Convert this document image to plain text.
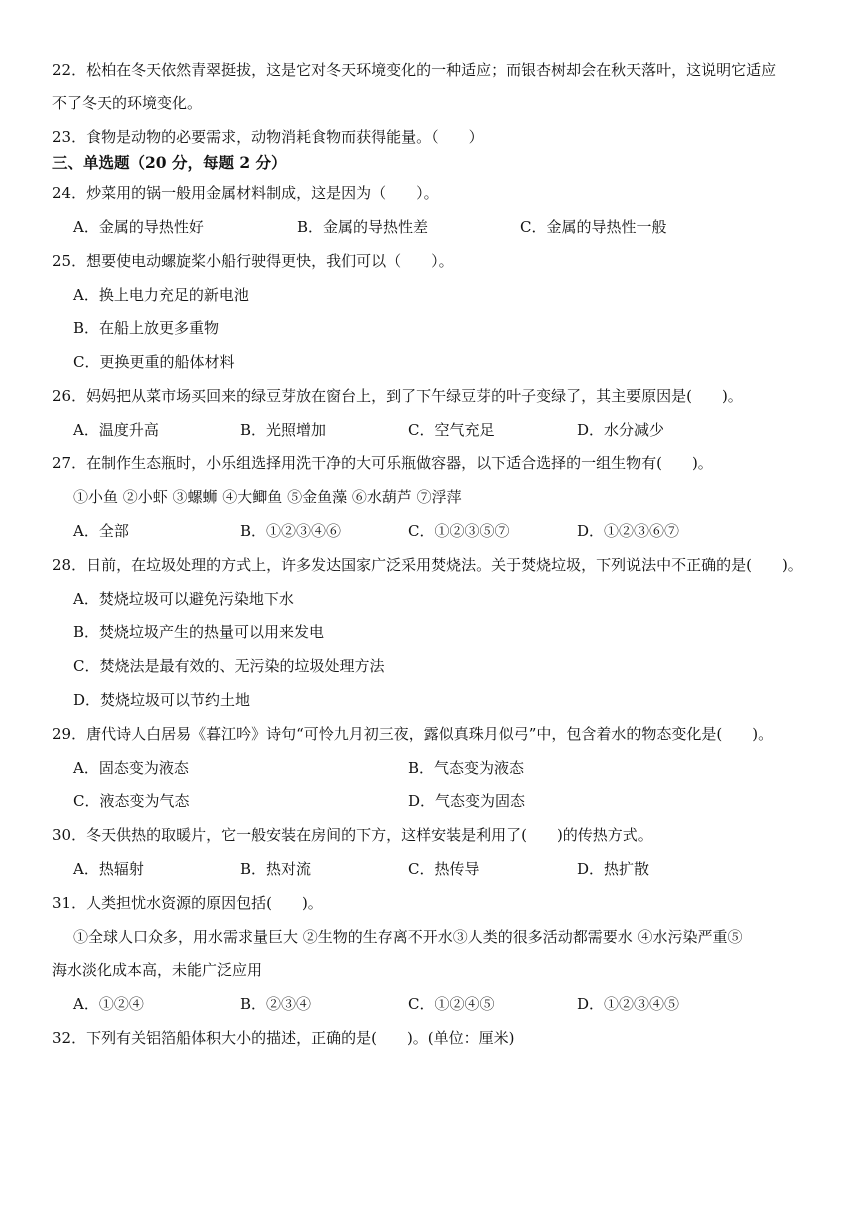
22．松柏在冬天依然青翠挺拔，这是它对冬天环境变化的一种适应；而银杏树却会在秋天落叶，这说明它适应
不了冬天的环境变化。
23．食物是动物的必要需求，动物消耗食物而获得能量。（　　）
三、单选题（20 分，每题 2 分）
24．炒菜用的锅一般用金属材料制成，这是因为（　　）。
A．金属的导热性好	B．金属的导热性差	C．金属的导热性一般
25．想要使电动螺旋桨小船行驶得更快，我们可以（　　）。
A．换上电力充足的新电池
B．在船上放更多重物
C．更换更重的船体材料
26．妈妈把从菜市场买回来的绿豆芽放在窗台上，到了下午绿豆芽的叶子变绿了，其主要原因是(　　)。
A．温度升高	B．光照增加	C．空气充足	D．水分减少
27．在制作生态瓶时，小乐组选择用洗干净的大可乐瓶做容器，以下适合选择的一组生物有(　　)。
①小鱼 ②小虾 ③螺蛳 ④大鲫鱼 ⑤金鱼藻 ⑥水葫芦 ⑦浮萍
A．全部	B．①②③④⑥	C．①②③⑤⑦	D．①②③⑥⑦
28．日前，在垃圾处理的方式上，许多发达国家广泛采用焚烧法。关于焚烧垃圾，下列说法中不正确的是(　　)。
A．焚烧垃圾可以避免污染地下水
B．焚烧垃圾产生的热量可以用来发电
C．焚烧法是最有效的、无污染的垃圾处理方法
D．焚烧垃圾可以节约土地
29．唐代诗人白居易《暮江吟》诗句“可怜九月初三夜，露似真珠月似弓”中，包含着水的物态变化是(　　)。
A．固态变为液态	B．气态变为液态
C．液态变为气态	D．气态变为固态
30．冬天供热的取暖片，它一般安装在房间的下方，这样安装是利用了(　　)的传热方式。
A．热辐射	B．热对流	C．热传导	D．热扩散
31．人类担忧水资源的原因包括(　　)。
①全球人口众多，用水需求量巨大 ②生物的生存离不开水③人类的很多活动都需要水 ④水污染严重⑤
海水淡化成本高，未能广泛应用
A．①②④	B．②③④	C．①②④⑤	D．①②③④⑤
32．下列有关铝箔船体积大小的描述，正确的是(　　)。(单位：厘米)
